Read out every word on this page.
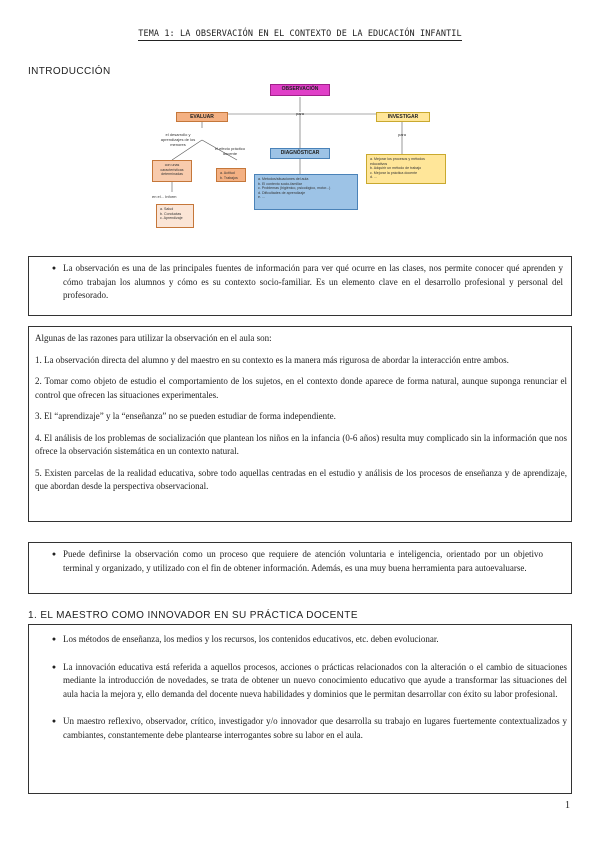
TEMA 1: LA OBSERVACIÓN EN EL CONTEXTO DE LA EDUCACIÓN INFANTIL
INTRODUCCIÓN
OBSERVACIÓN
para
EVALUAR	INVESTIGAR
DIAGNÓSTICAR
el desarrollo y aprendizajes de los menores
el efecto práctico docente
con unas características determinadas	a. Actitud
b. Trabajos
en el... Inform
a. Salud
b. Conductas
c. Aprendizaje
a. Metodos/situaciones del aula
b. El contexto socio-familiar
c. Problemas (higiénico, psicológico, motor...)
d. Dificultades de aprendizaje
e. ...
para
a. Mejorar los procesos y métodos educativos
b. Adquirir un método de trabajo
c. Mejorar la práctica docente
d. ...
● La observación es una de las principales fuentes de información para ver qué ocurre en las clases, nos permite conocer qué aprenden y cómo trabajan los alumnos y cómo es su contexto socio-familiar. Es un elemento clave en el desarrollo profesional y personal del profesorado.

Algunas de las razones para utilizar la observación en el aula son:

1. La observación directa del alumno y del maestro en su contexto es la manera más rigurosa de abordar la interacción entre ambos.

2. Tomar como objeto de estudio el comportamiento de los sujetos, en el contexto donde aparece de forma natural, aunque suponga renunciar el control que ofrecen las situaciones experimentales.

3. El “aprendizaje” y la “enseñanza” no se pueden estudiar de forma independiente.

4. El análisis de los problemas de socialización que plantean los niños en la infancia (0-6 años) resulta muy complicado sin la información que nos ofrece la observación sistemática en un contexto natural.

5. Existen parcelas de la realidad educativa, sobre todo aquellas centradas en el estudio y análisis de los procesos de enseñanza y de aprendizaje, que abordan desde la perspectiva observacional.

● Puede definirse la observación como un proceso que requiere de atención voluntaria e inteligencia, orientado por un objetivo terminal y organizado, y utilizado con el fin de obtener información. Además, es una muy buena herramienta para autoevaluarse.
1. EL MAESTRO COMO INNOVADOR EN SU PRÁCTICA DOCENTE
● Los métodos de enseñanza, los medios y los recursos, los contenidos educativos, etc. deben evolucionar.
● La innovación educativa está referida a aquellos procesos, acciones o prácticas relacionados con la alteración o el cambio de situaciones mediante la introducción de novedades, se trata de obtener un nuevo conocimiento educativo que ayude a transformar las situaciones del aula hacia la mejora y, ello demanda del docente nueva habilidades y dominios que le permitan desarrollar con éxito su labor profesional.
● Un maestro reflexivo, observador, crítico, investigador y/o innovador que desarrolla su trabajo en lugares fuertemente contextualizados y cambiantes, constantemente debe plantearse interrogantes sobre su labor en el aula.
1
